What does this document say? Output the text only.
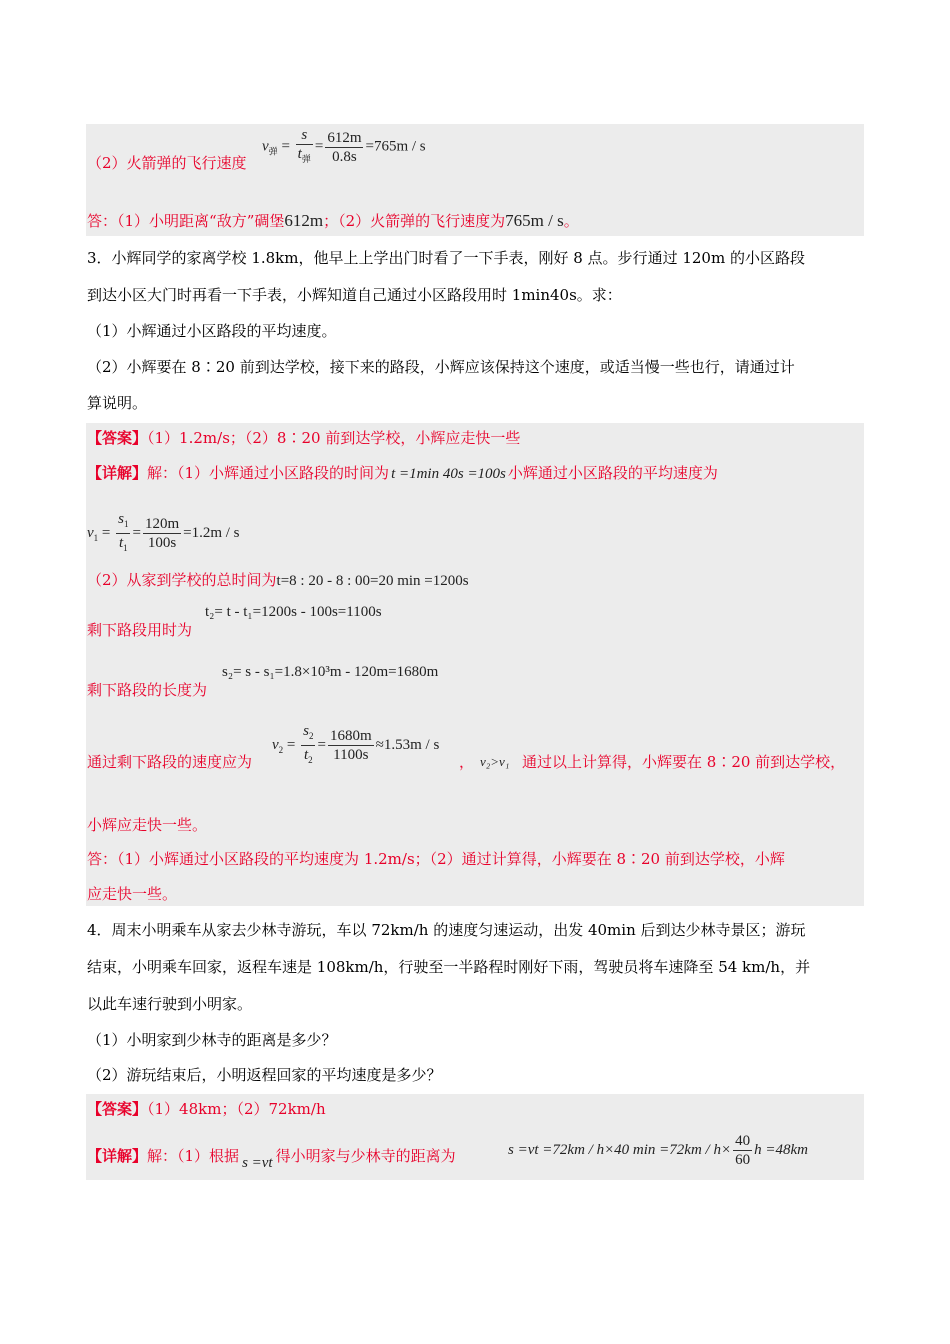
$v_弹 = \frac{s}{t_弹} = \frac{612m}{0.8s} =765m / s$
（2）火箭弹的飞行速度
答：（1）小明距离“敌方”碉堡612m；（2）火箭弹的飞行速度为765m / s。
3．小辉同学的家离学校 1.8km，他早上上学出门时看了一下手表，刚好 8 点。步行通过 120m 的小区路段
到达小区大门时再看一下手表，小辉知道自己通过小区路段用时 1min40s。求：
（1）小辉通过小区路段的平均速度。
（2）小辉要在 8∶20 前到达学校，接下来的路段，小辉应该保持这个速度，或适当慢一些也行，请通过计
算说明。
【答案】（1）1.2m/s；（2）8∶20 前到达学校，小辉应走快一些
【详解】解：（1）小辉通过小区路段的时间为 t =1min 40s =100s 小辉通过小区路段的平均速度为
$v_1 = \frac{s_1}{t_1} = \frac{120m}{100s} =1.2m / s$
（2）从家到学校的总时间为t=8 : 20 - 8 : 00=20 min =1200s
t₂= t - t₁=1200s - 100s=1100s
剩下路段用时为
s₂= s - s₁=1.8×10³m - 120m=1680m
剩下路段的长度为
$v_2 = \frac{s_2}{t_2} = \frac{1680m}{1100s} \approx 1.53m / s$
通过剩下路段的速度应为	， v₂>v₁ 通过以上计算得，小辉要在 8∶20 前到达学校，
小辉应走快一些。
答：（1）小辉通过小区路段的平均速度为 1.2m/s；（2）通过计算得，小辉要在 8∶20 前到达学校，小辉
应走快一些。
4．周末小明乘车从家去少林寺游玩，车以 72km/h 的速度匀速运动，出发 40min 后到达少林寺景区；游玩
结束，小明乘车回家，返程车速是 108km/h，行驶至一半路程时刚好下雨，驾驶员将车速降至 54 km/h，并
以此车速行驶到小明家。
（1）小明家到少林寺的距离是多少？
（2）游玩结束后，小明返程回家的平均速度是多少？
【答案】（1）48km；（2）72km/h
【详解】解：（1）根据 s =vt 得小明家与少林寺的距离为	s =vt =72km / h×40 $\min =72km / h\times \frac{40}{60}$ h =48km
